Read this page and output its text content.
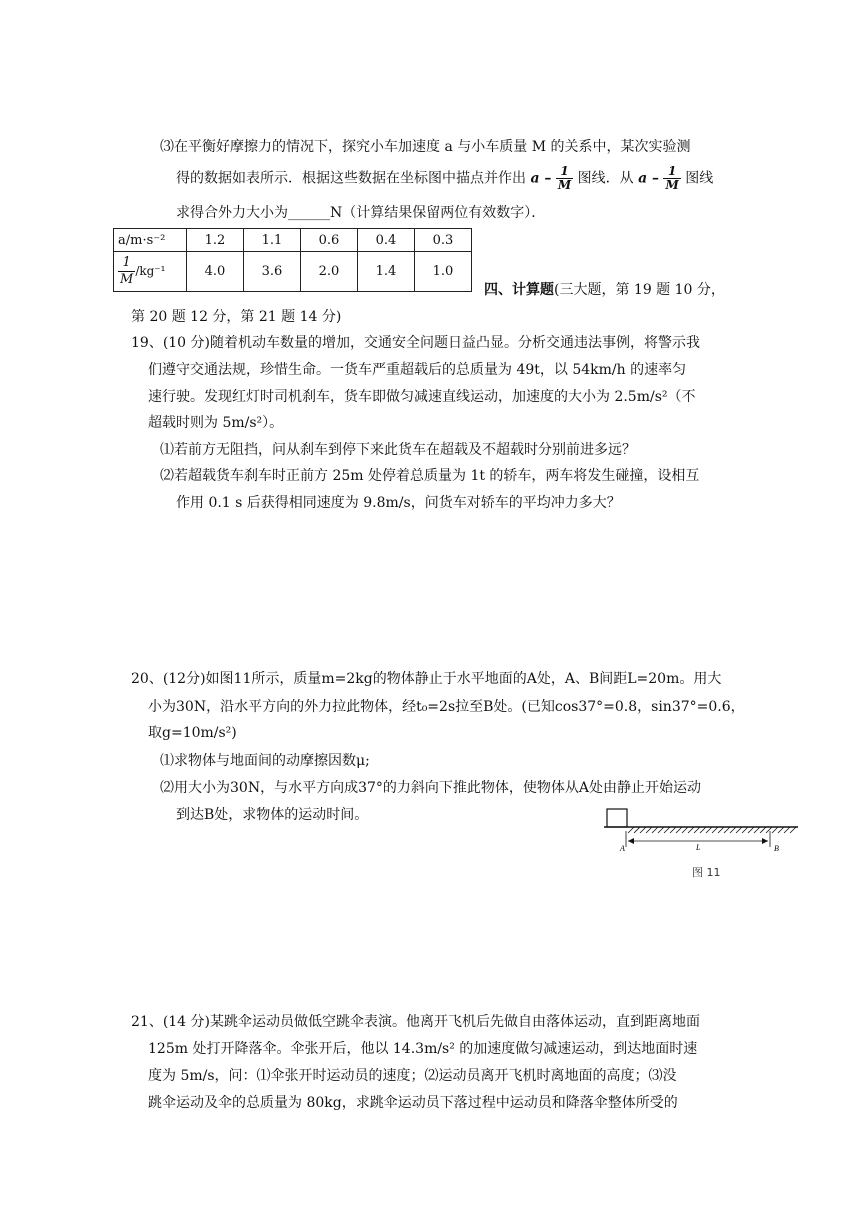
⑶在平衡好摩擦力的情况下，探究小车加速度 a 与小车质量 M 的关系中，某次实验测
得的数据如表所示．根据这些数据在坐标图中描点并作出 a – $\frac{1}{M}$ 图线．从 a – $\frac{1}{M}$ 图线
求得合外力大小为______N（计算结果保留两位有效数字）．
a/m·s⁻²	1.2	1.1	0.6	0.4	0.3

$\frac{1}{M} /kg^{-1}$	4.0	3.6	2.0	1.4	1.0
四、计算题(三大题，第 19 题 10 分，
第 20 题 12 分，第 21 题 14 分)
19、(10 分)随着机动车数量的增加，交通安全问题日益凸显。分析交通违法事例，将警示我
们遵守交通法规，珍惜生命。一货车严重超载后的总质量为 49t，以 54km/h 的速率匀
速行驶。发现红灯时司机刹车，货车即做匀减速直线运动，加速度的大小为 2.5m/s²（不
超载时则为 5m/s²）。
⑴若前方无阻挡，问从刹车到停下来此货车在超载及不超载时分别前进多远？
⑵若超载货车刹车时正前方 25m 处停着总质量为 1t 的轿车，两车将发生碰撞，设相互
作用 0.1 s 后获得相同速度为 9.8m/s，问货车对轿车的平均冲力多大？
20、(12分)如图11所示，质量m=2kg的物体静止于水平地面的A处，A、B间距L=20m。用大
小为30N，沿水平方向的外力拉此物体，经t₀=2s拉至B处。(已知cos37°=0.8，sin37°=0.6，
取g=10m/s²)
⑴求物体与地面间的动摩擦因数μ;
⑵用大小为30N，与水平方向成37°的力斜向下推此物体，使物体从A处由静止开始运动
到达B处，求物体的运动时间。
A	L	B
图 11
21、(14 分)某跳伞运动员做低空跳伞表演。他离开飞机后先做自由落体运动，直到距离地面
125m 处打开降落伞。伞张开后，他以 14.3m/s² 的加速度做匀减速运动，到达地面时速
度为 5m/s，问：⑴伞张开时运动员的速度；⑵运动员离开飞机时离地面的高度；⑶没
跳伞运动及伞的总质量为 80kg，求跳伞运动员下落过程中运动员和降落伞整体所受的
